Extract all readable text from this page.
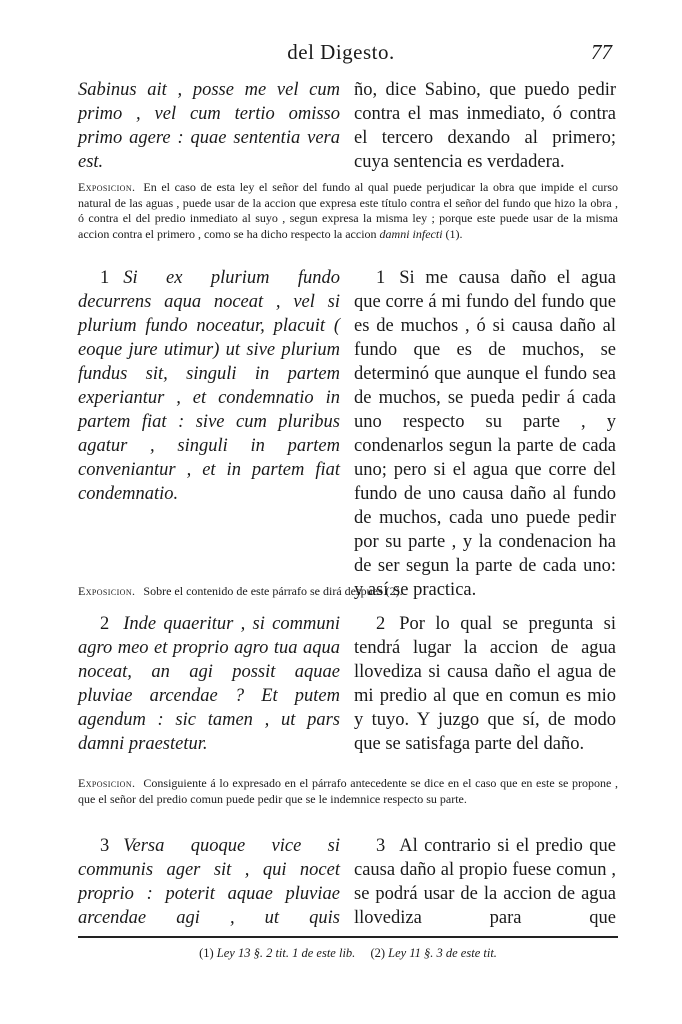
del Digesto.	77

Sabinus ait , posse me vel cum primo , vel cum tertio omisso primo agere : quae sententia vera est.

ño, dice Sabino, que puedo pedir contra el mas inmediato, ó contra el tercero dexando al primero; cuya sentencia es verdadera.

Exposicion. En el caso de esta ley el señor del fundo al qual puede perjudicar la obra que impide el curso natural de las aguas , puede usar de la accion que expresa este título contra el señor del fundo que hizo la obra , ó contra el del predio inmediato al suyo , segun expresa la misma ley ; porque este puede usar de la misma accion contra el primero , como se ha dicho respecto la accion damni infecti (1).

1 Si ex plurium fundo decurrens aqua noceat , vel si plurium fundo noceatur, placuit ( eoque jure utimur) ut sive plurium fundus sit, singuli in partem experiantur , et condemnatio in partem fiat : sive cum pluribus agatur , singuli in partem conveniantur , et in partem fiat condemnatio.

1 Si me causa daño el agua que corre á mi fundo del fundo que es de muchos , ó si causa daño al fundo que es de muchos, se determinó que aunque el fundo sea de muchos, se pueda pedir á cada uno respecto su parte , y condenarlos segun la parte de cada uno; pero si el agua que corre del fundo de uno causa daño al fundo de muchos, cada uno puede pedir por su parte , y la condenacion ha de ser segun la parte de cada uno: y así se practica.

Exposicion. Sobre el contenido de este párrafo se dirá despues (2).

2 Inde quaeritur , si communi agro meo et proprio agro tua aqua noceat, an agi possit aquae pluviae arcendae ? Et putem agendum : sic tamen , ut pars damni praestetur.

2 Por lo qual se pregunta si tendrá lugar la accion de agua llovediza si causa daño el agua de mi predio al que en comun es mio y tuyo. Y juzgo que sí, de modo que se satisfaga parte del daño.

Exposicion. Consiguiente á lo expresado en el párrafo antecedente se dice en el caso que en este se propone , que el señor del predio comun puede pedir que se le indemnice respecto su parte.

3 Versa quoque vice si communis ager sit , qui nocet proprio : poterit aquae pluviae arcendae agi , ut quis

3 Al contrario si el predio que causa daño al propio fuese comun , se podrá usar de la accion de agua llovediza para que

(1) Ley 13 §. 2 tit. 1 de este lib. (2) Ley 11 §. 3 de este tit.
